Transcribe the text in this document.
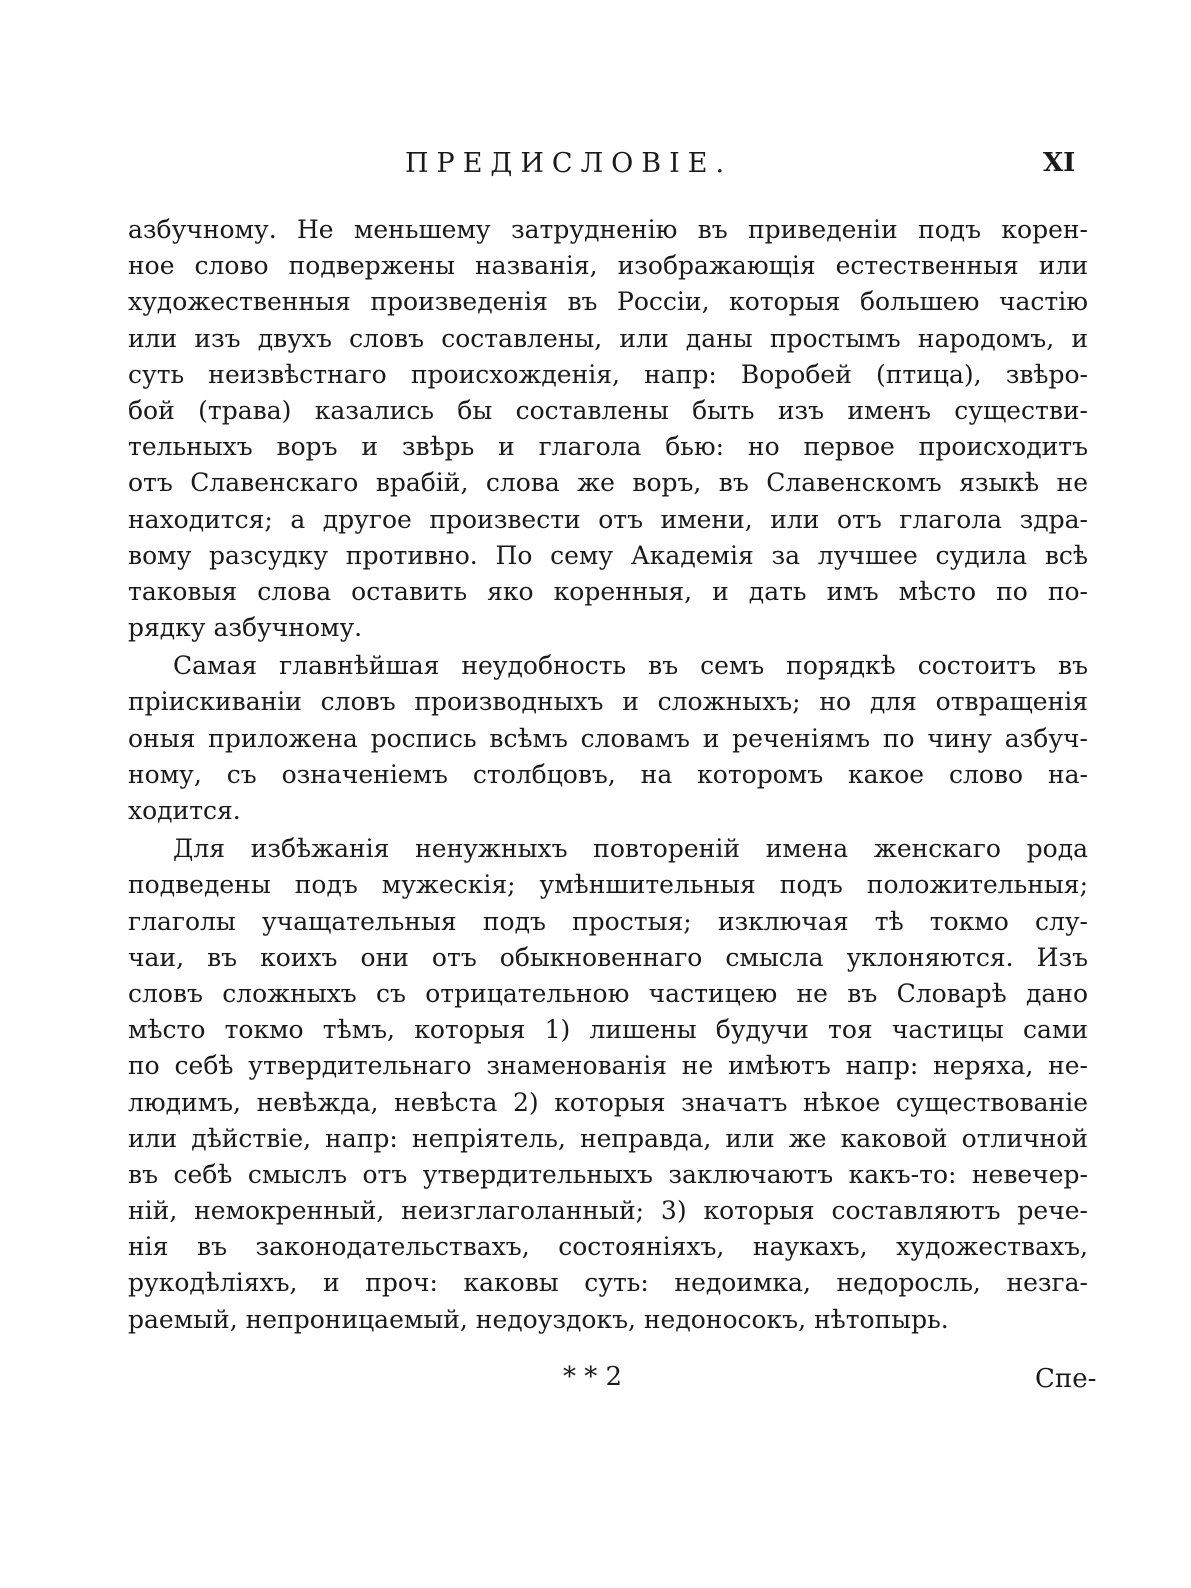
ПРЕДИСЛОВІЕ.	XI
азбучному. Не меньшему затрудненію въ приведеніи подъ корен-
ное слово подвержены названія, изображающія естественныя или
художественныя произведенія въ Россіи, которыя большею частію
или изъ двухъ словъ составлены, или даны простымъ народомъ, и
суть неизвѣстнаго происхожденія, напр: Воробей (птица), звѣро-
бой (трава) казались бы составлены быть изъ именъ существи-
тельныхъ воръ и звѣрь и глагола бью: но первое происходитъ
отъ Славенскаго врабій, слова же воръ, въ Славенскомъ языкѣ не
находится; а другое произвести отъ имени, или отъ глагола здра-
вому разсудку противно. По сему Академія за лучшее судила всѣ
таковыя слова оставить яко коренныя, и дать имъ мѣсто по по-
рядку азбучному.
Самая главнѣйшая неудобность въ семъ порядкѣ состоитъ въ
пріискиваніи словъ производныхъ и сложныхъ; но для отвращенія
оныя приложена роспись всѣмъ словамъ и реченіямъ по чину азбуч-
ному, съ означеніемъ столбцовъ, на которомъ какое слово на-
ходится.
Для избѣжанія ненужныхъ повтореній имена женскаго рода
подведены подъ мужескія; умѣншительныя подъ положительныя;
глаголы учащательныя подъ простыя; изключая тѣ токмо слу-
чаи, въ коихъ они отъ обыкновеннаго смысла уклоняются. Изъ
словъ сложныхъ съ отрицательною частицею не въ Словарѣ дано
мѣсто токмо тѣмъ, которыя 1) лишены будучи тоя частицы сами
по себѣ утвердительнаго знаменованія не имѣютъ напр: неряха, не-
людимъ, невѣжда, невѣста 2) которыя значатъ нѣкое существованіе
или дѣйствіе, напр: непріятель, неправда, или же каковой отличной
въ себѣ смыслъ отъ утвердительныхъ заключаютъ какъ-то: невечер-
ній, немокренный, неизглаголанный; 3) которыя составляютъ рече-
нія въ законодательствахъ, состояніяхъ, наукахъ, художествахъ,
рукодѣліяхъ, и проч: каковы суть: недоимка, недоросль, незга-
раемый, непроницаемый, недоуздокъ, недоносокъ, нѣтопырь.
* * 2	Спе-
